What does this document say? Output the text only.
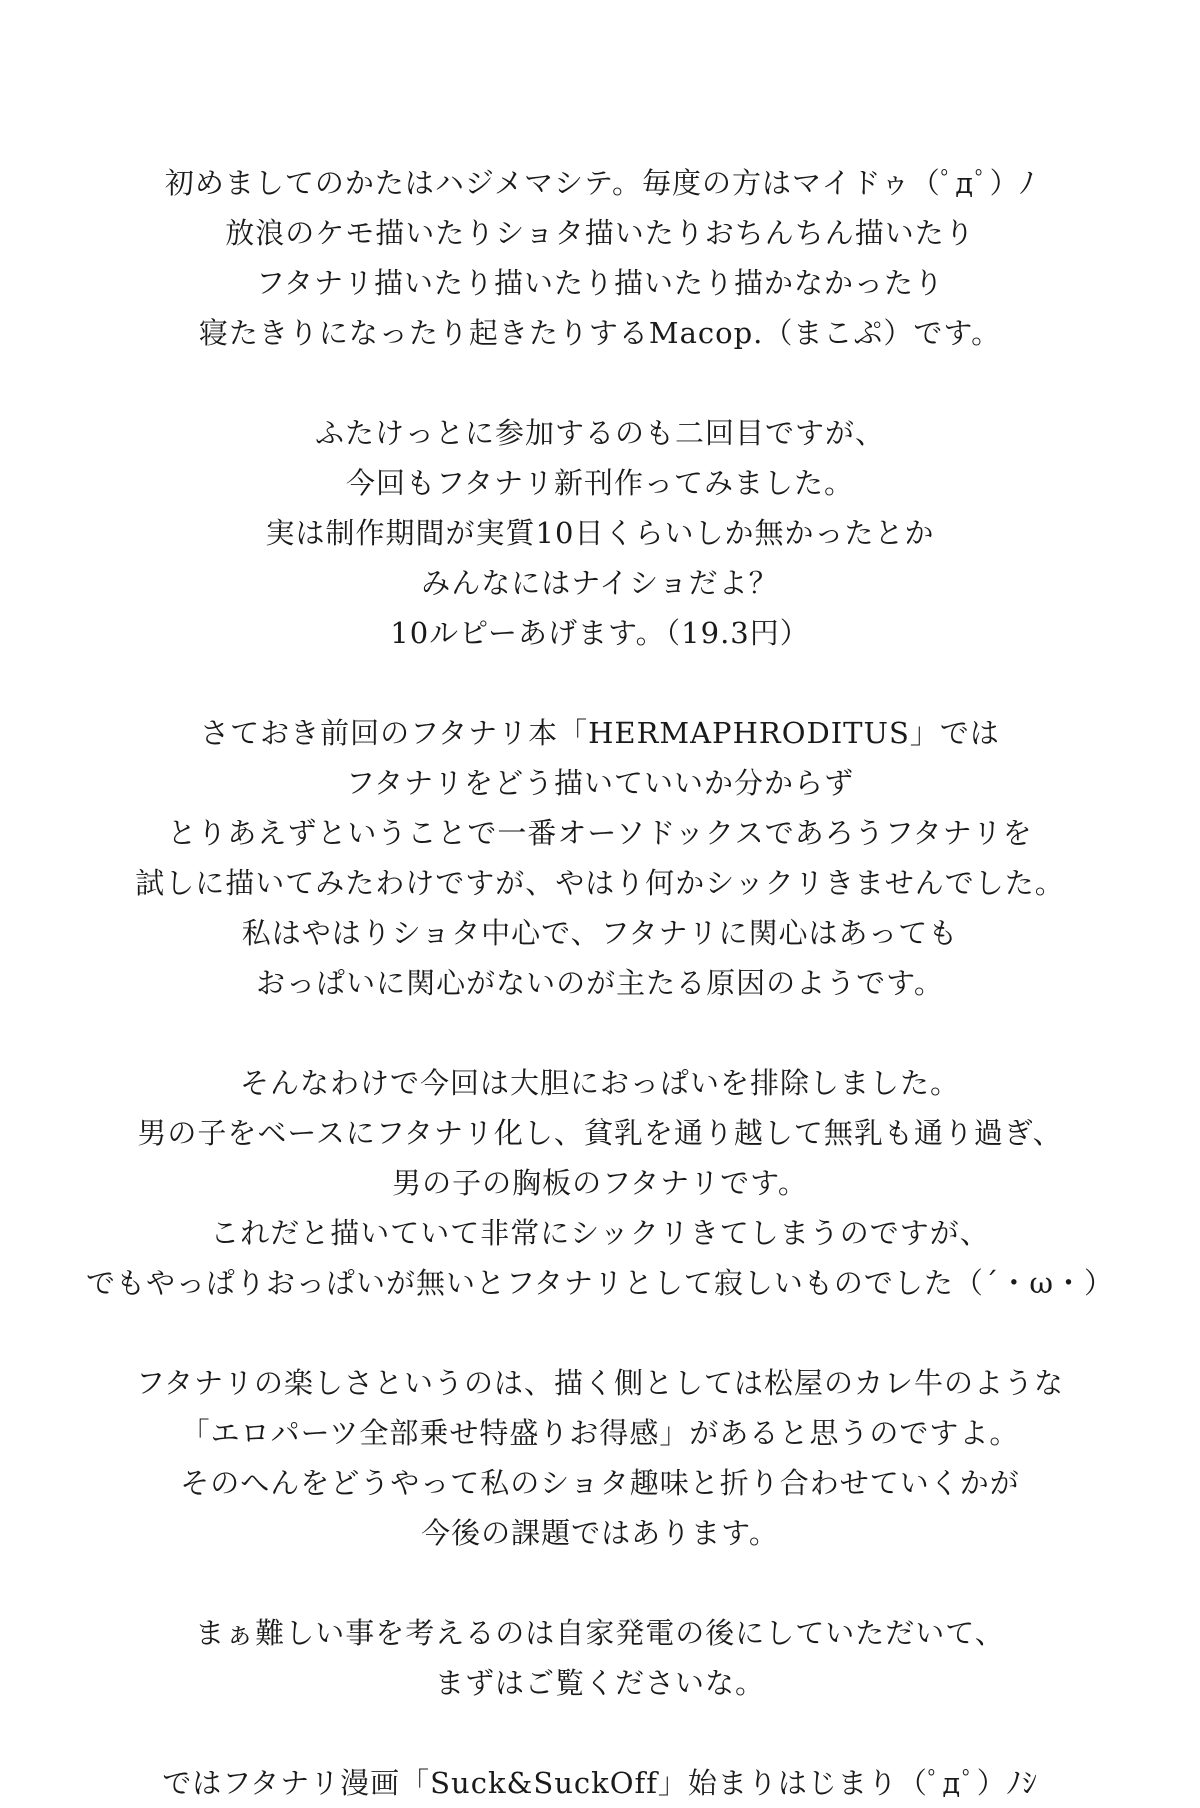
初めましてのかたはハジメマシテ。毎度の方はマイドゥ（ﾟдﾟ）ﾉ
放浪のケモ描いたりショタ描いたりおちんちん描いたり
フタナリ描いたり描いたり描いたり描かなかったり
寝たきりになったり起きたりするMacop.（まこぷ）です。

ふたけっとに参加するのも二回目ですが、
今回もフタナリ新刊作ってみました。
実は制作期間が実質10日くらいしか無かったとか
みんなにはナイショだよ？
10ルピーあげます。（19.3円）

さておき前回のフタナリ本「HERMAPHRODITUS」では
フタナリをどう描いていいか分からず
とりあえずということで一番オーソドックスであろうフタナリを
試しに描いてみたわけですが、やはり何かシックリきませんでした。
私はやはりショタ中心で、フタナリに関心はあっても
おっぱいに関心がないのが主たる原因のようです。

そんなわけで今回は大胆におっぱいを排除しました。
男の子をベースにフタナリ化し、貧乳を通り越して無乳も通り過ぎ、
男の子の胸板のフタナリです。
これだと描いていて非常にシックリきてしまうのですが、
でもやっぱりおっぱいが無いとフタナリとして寂しいものでした（´・ω・）

フタナリの楽しさというのは、描く側としては松屋のカレ牛のような
「エロパーツ全部乗せ特盛りお得感」があると思うのですよ。
そのへんをどうやって私のショタ趣味と折り合わせていくかが
今後の課題ではあります。

まぁ難しい事を考えるのは自家発電の後にしていただいて、
まずはご覧くださいな。

ではフタナリ漫画「Suck&SuckOff」始まりはじまり（ﾟдﾟ）ﾉｼ
